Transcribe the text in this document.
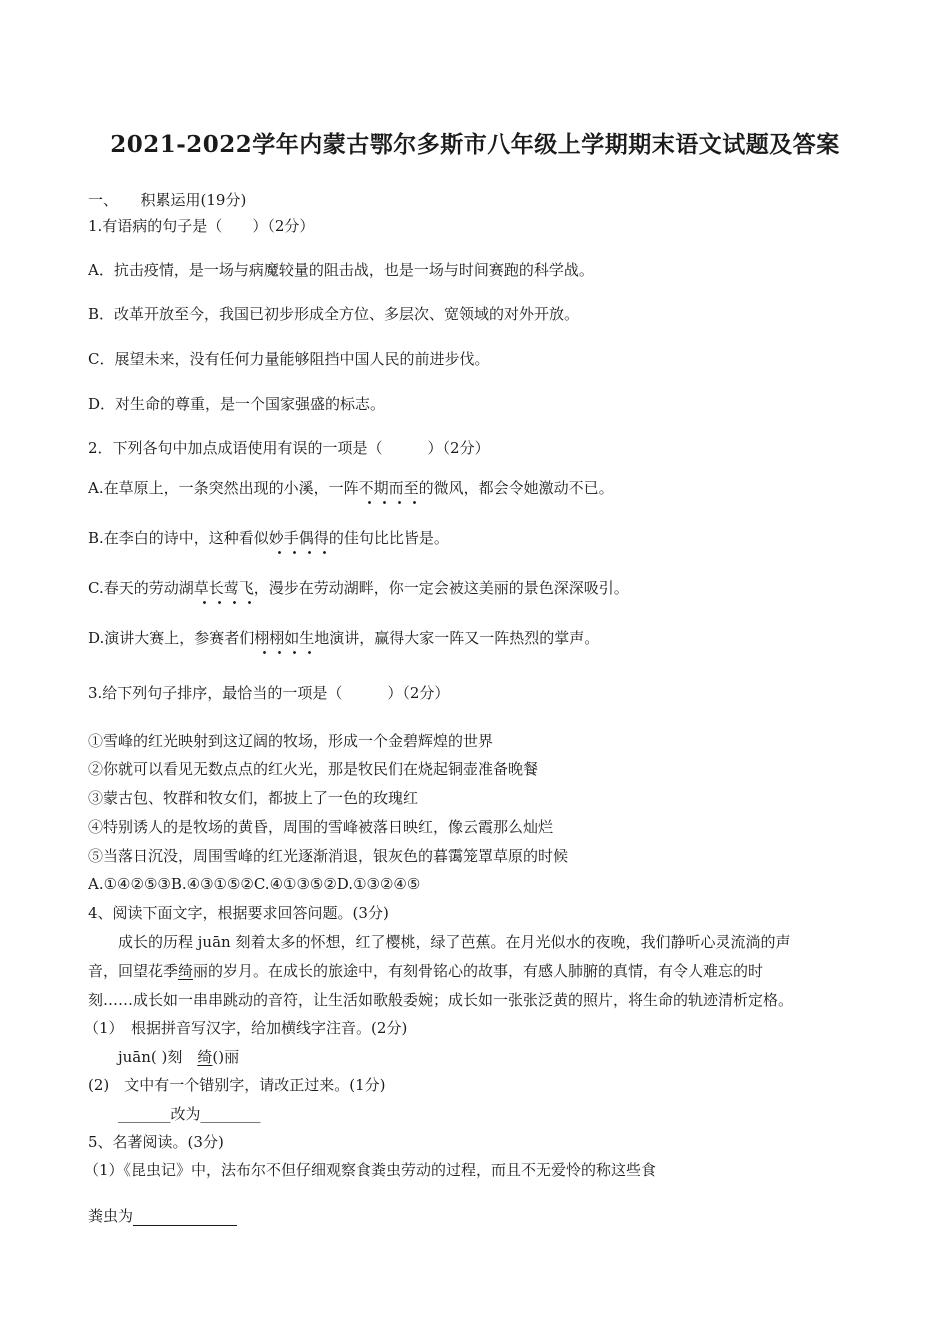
2021-2022学年内蒙古鄂尔多斯市八年级上学期期末语文试题及答案
一、　　积累运用(19分)
1.有语病的句子是（　　）（2分）
A．抗击疫情，是一场与病魔较量的阻击战，也是一场与时间赛跑的科学战。
B．改革开放至今，我国已初步形成全方位、多层次、宽领域的对外开放。
C．展望未来，没有任何力量能够阻挡中国人民的前进步伐。
D．对生命的尊重，是一个国家强盛的标志。
2．下列各句中加点成语使用有误的一项是（　　　）（2分）
A.在草原上，一条突然出现的小溪，一阵不期而至的微风，都会令她激动不已。
B.在李白的诗中，这种看似妙手偶得的佳句比比皆是。
C.春天的劳动湖草长莺飞，漫步在劳动湖畔，你一定会被这美丽的景色深深吸引。
D.演讲大赛上，参赛者们栩栩如生地演讲，赢得大家一阵又一阵热烈的掌声。
3.给下列句子排序，最恰当的一项是（　　　）（2分）
①雪峰的红光映射到这辽阔的牧场，形成一个金碧辉煌的世界
②你就可以看见无数点点的红火光，那是牧民们在烧起铜壶准备晚餐
③蒙古包、牧群和牧女们，都披上了一色的玫瑰红
④特别诱人的是牧场的黄昏，周围的雪峰被落日映红，像云霞那么灿烂
⑤当落日沉没，周围雪峰的红光逐渐消退，银灰色的暮霭笼罩草原的时候
A.①④②⑤③B.④③①⑤②C.④①③⑤②D.①③②④⑤
4、阅读下面文字，根据要求回答问题。(3分)
成长的历程 juān 刻着太多的怀想，红了樱桃，绿了芭蕉。在月光似水的夜晚，我们静听心灵流淌的声
音，回望花季绮丽的岁月。在成长的旅途中，有刻骨铭心的故事，有感人肺腑的真情，有令人难忘的时
刻……成长如一串串跳动的音符，让生活如歌般委婉；成长如一张张泛黄的照片，将生命的轨迹清析定格。
（1）　根据拼音写汉字，给加横线字注音。(2分)
juān( )刻　绮()丽
(2)　文中有一个错别字，请改正过来。(1分)
_______改为________
5、名著阅读。(3分)
（1）《昆虫记》中，法布尔不但仔细观察食粪虫劳动的过程，而且不无爱怜的称这些食
粪虫为
